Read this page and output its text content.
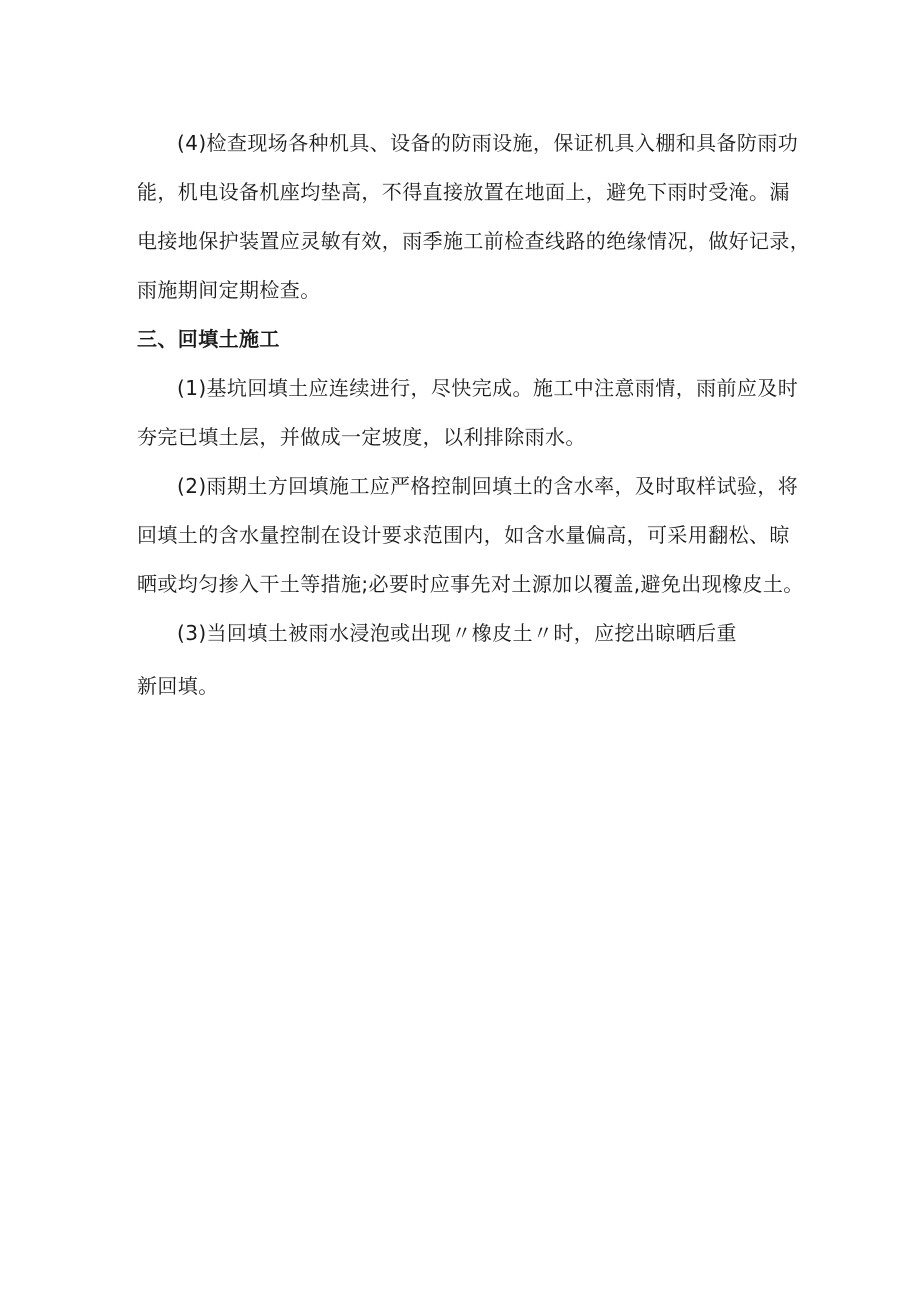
(4)检查现场各种机具、设备的防雨设施，保证机具入棚和具备防雨功
能，机电设备机座均垫高，不得直接放置在地面上，避免下雨时受淹。漏
电接地保护装置应灵敏有效，雨季施工前检查线路的绝缘情况，做好记录，
雨施期间定期检查。
三、回填土施工
(1)基坑回填土应连续进行，尽快完成。施工中注意雨情，雨前应及时
夯完已填土层，并做成一定坡度，以利排除雨水。
(2)雨期土方回填施工应严格控制回填土的含水率，及时取样试验，将
回填土的含水量控制在设计要求范围内，如含水量偏高，可采用翻松、晾
晒或均匀掺入干土等措施;必要时应事先对土源加以覆盖,避免出现橡皮土。
(3)当回填土被雨水浸泡或出现〃橡皮土〃时，应挖出晾晒后重
新回填。
